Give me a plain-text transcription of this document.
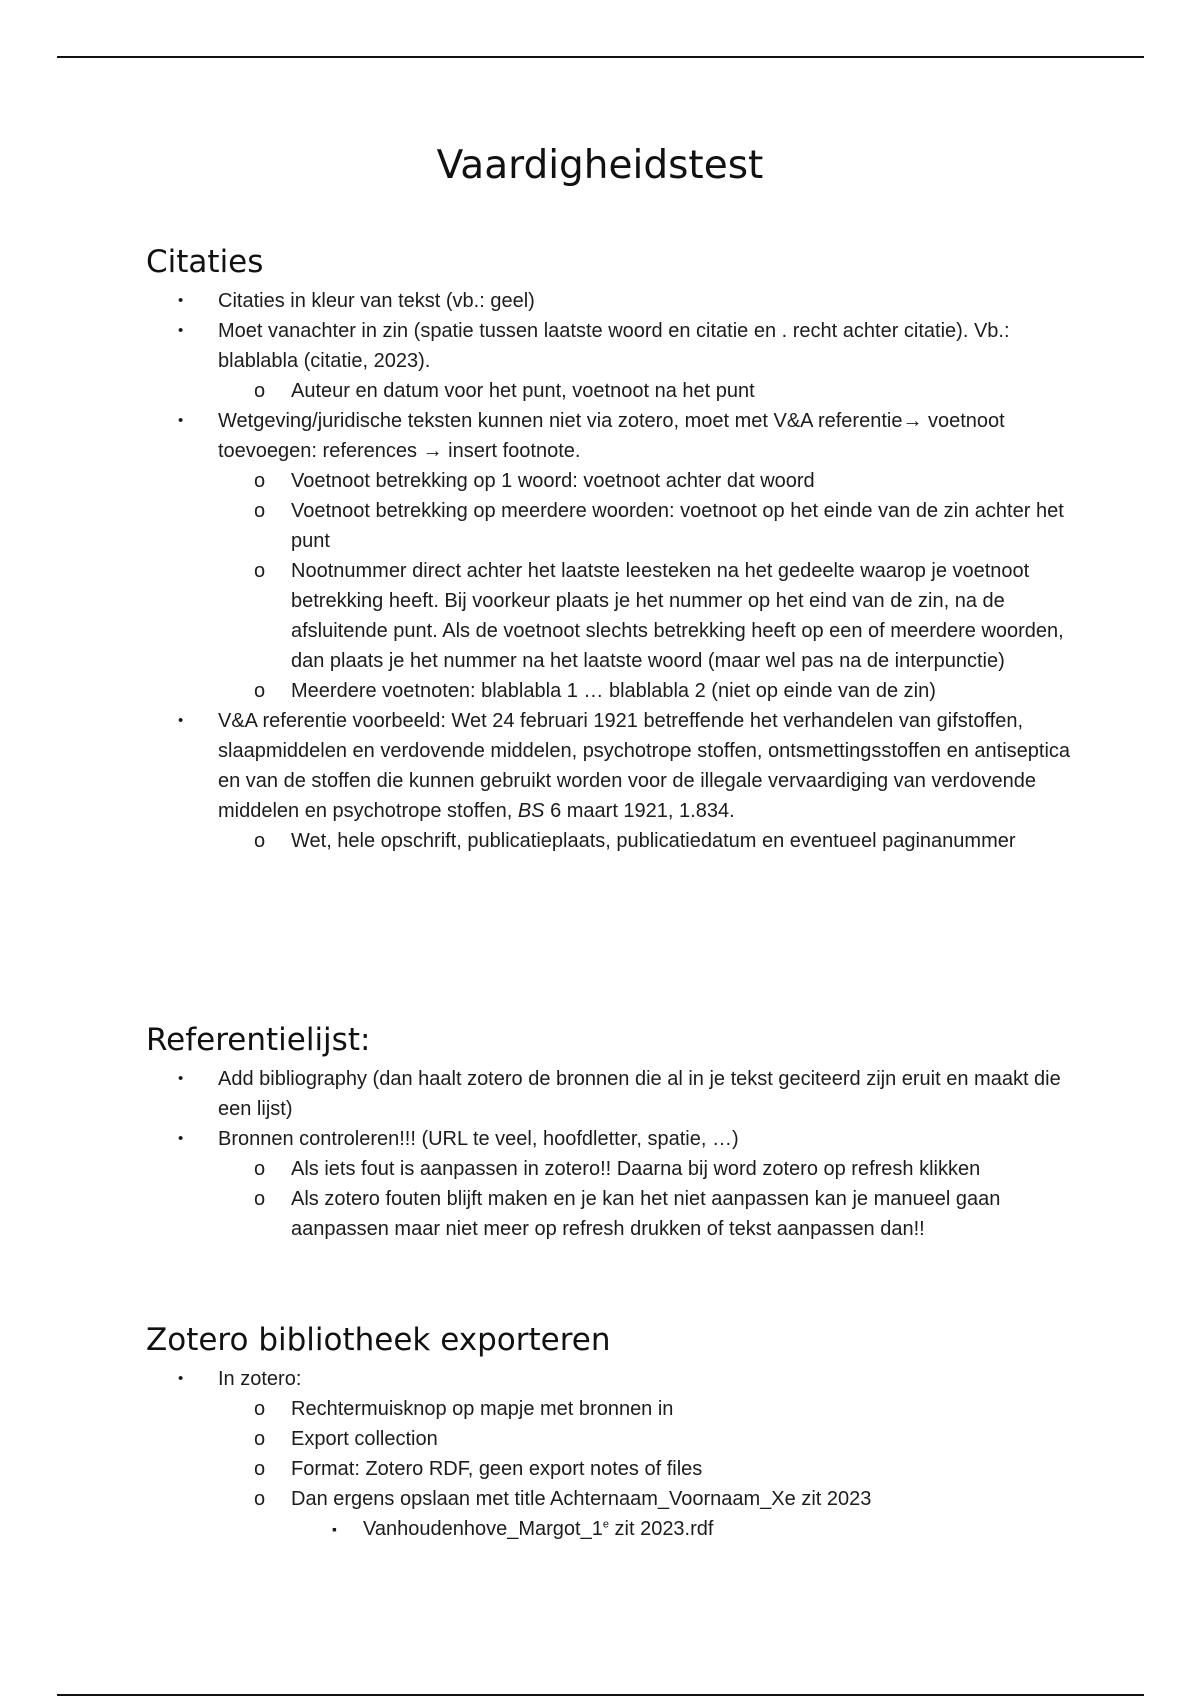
Vaardigheidstest
Citaties
• Citaties in kleur van tekst (vb.: geel)
• Moet vanachter in zin (spatie tussen laatste woord en citatie en . recht achter citatie). Vb.: blablabla (citatie, 2023).
o Auteur en datum voor het punt, voetnoot na het punt
• Wetgeving/juridische teksten kunnen niet via zotero, moet met V&A referentie→ voetnoot toevoegen: references → insert footnote.
o Voetnoot betrekking op 1 woord: voetnoot achter dat woord
o Voetnoot betrekking op meerdere woorden: voetnoot op het einde van de zin achter het punt
o Nootnummer direct achter het laatste leesteken na het gedeelte waarop je voetnoot betrekking heeft. Bij voorkeur plaats je het nummer op het eind van de zin, na de afsluitende punt. Als de voetnoot slechts betrekking heeft op een of meerdere woorden, dan plaats je het nummer na het laatste woord (maar wel pas na de interpunctie)
o Meerdere voetnoten: blablabla 1 … blablabla 2 (niet op einde van de zin)
• V&A referentie voorbeeld: Wet 24 februari 1921 betreffende het verhandelen van gifstoffen, slaapmiddelen en verdovende middelen, psychotrope stoffen, ontsmettingsstoffen en antiseptica en van de stoffen die kunnen gebruikt worden voor de illegale vervaardiging van verdovende middelen en psychotrope stoffen, BS 6 maart 1921, 1.834.
o Wet, hele opschrift, publicatieplaats, publicatiedatum en eventueel paginanummer
Referentielijst:
• Add bibliography (dan haalt zotero de bronnen die al in je tekst geciteerd zijn eruit en maakt die een lijst)
• Bronnen controleren!!! (URL te veel, hoofdletter, spatie, …)
o Als iets fout is aanpassen in zotero!! Daarna bij word zotero op refresh klikken
o Als zotero fouten blijft maken en je kan het niet aanpassen kan je manueel gaan aanpassen maar niet meer op refresh drukken of tekst aanpassen dan!!
Zotero bibliotheek exporteren
• In zotero:
o Rechtermuisknop op mapje met bronnen in
o Export collection
o Format: Zotero RDF, geen export notes of files
o Dan ergens opslaan met title Achternaam_Voornaam_Xe zit 2023
▪ Vanhoudenhove_Margot_1e zit 2023.rdf
